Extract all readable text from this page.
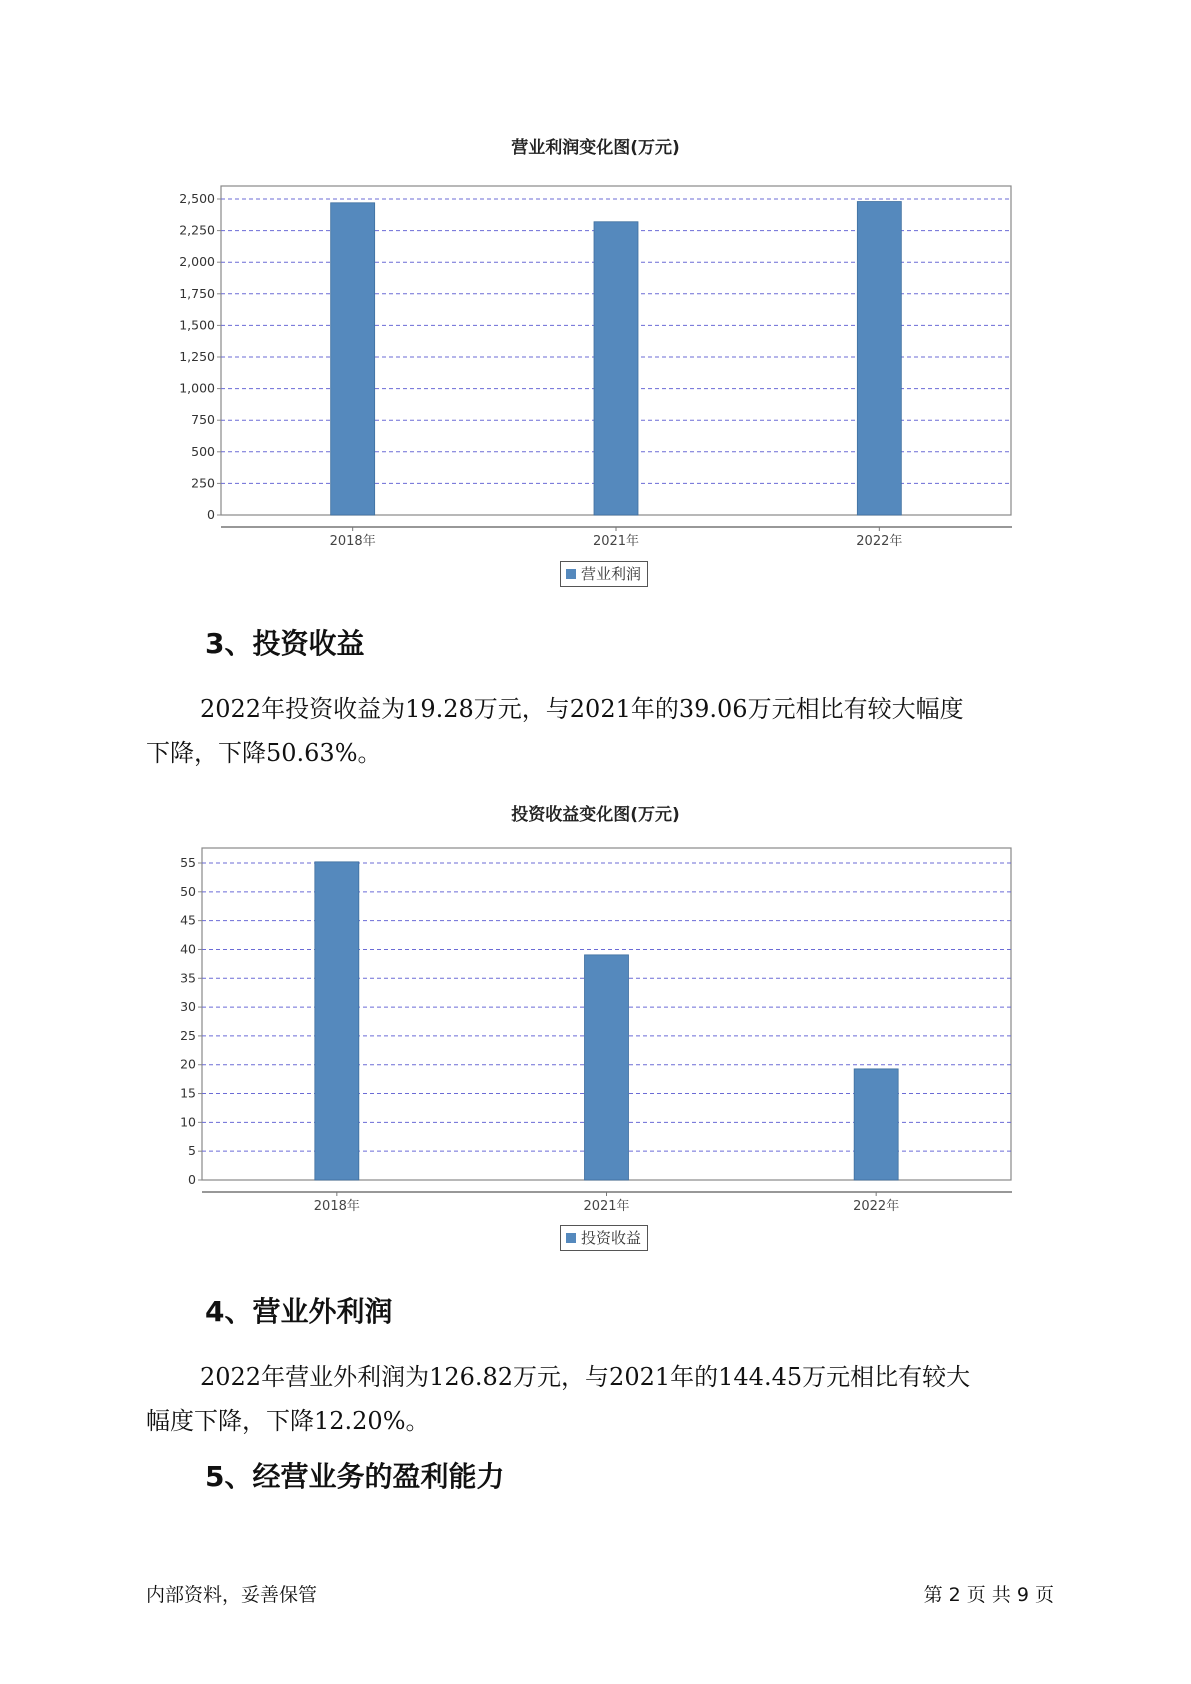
营业利润变化图(万元)
0
250
500
750
1,000
1,250
1,500
1,750
2,000
2,250
2,500
2018年	2021年	2022年
营业利润
3、投资收益
2022年投资收益为19.28万元，与2021年的39.06万元相比有较大幅度
下降，下降50.63%。
投资收益变化图(万元)
0
5
10
15
20
25
30
35
40
45
50
55
2018年	2021年	2022年
投资收益
4、营业外利润
2022年营业外利润为126.82万元，与2021年的144.45万元相比有较大
幅度下降，下降12.20%。
5、经营业务的盈利能力
内部资料，妥善保管	第 2 页 共 9 页
